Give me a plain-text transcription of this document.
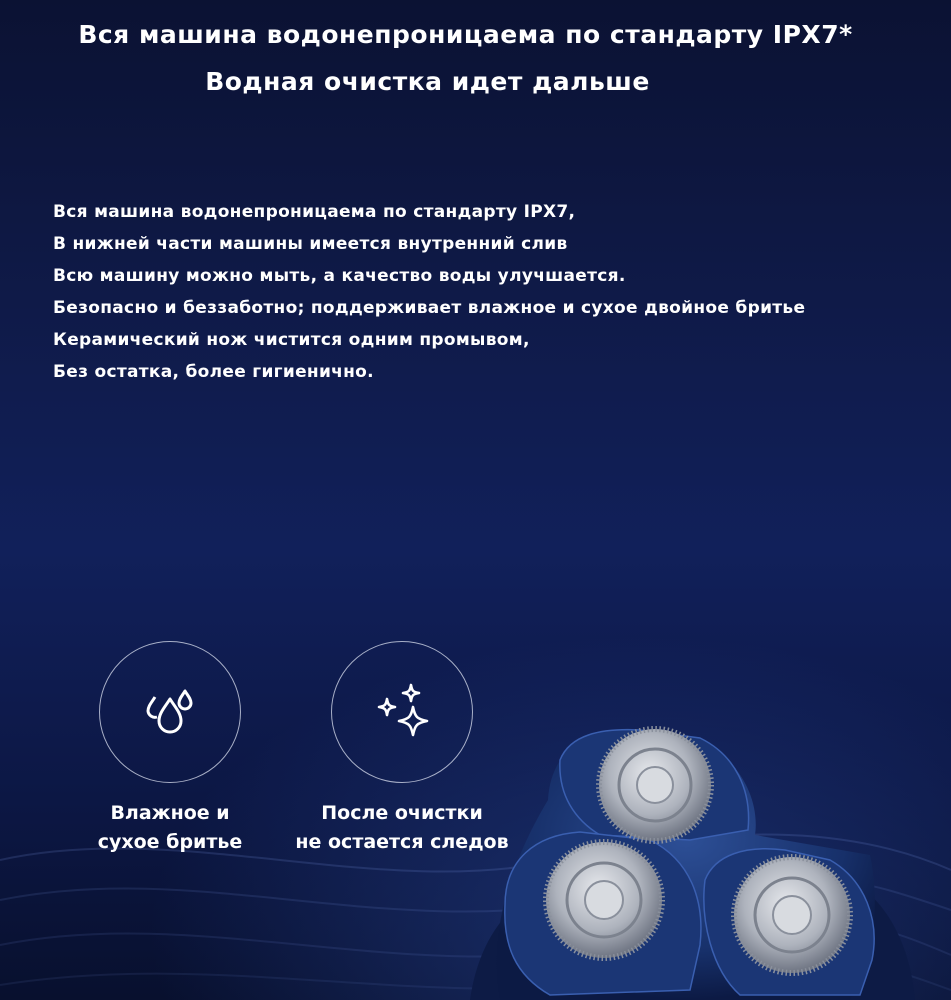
Вся машина водонепроницаема по стандарту IPX7*
Водная очистка идет дальше
Вся машина водонепроницаема по стандарту IPX7,
В нижней части машины имеется внутренний слив
Всю машину можно мыть, а качество воды улучшается.
Безопасно и беззаботно; поддерживает влажное и сухое двойное бритье
Керамический нож чистится одним промывом,
Без остатка, более гигиенично.
Влажное и
сухое бритье
После очистки
не остается следов
